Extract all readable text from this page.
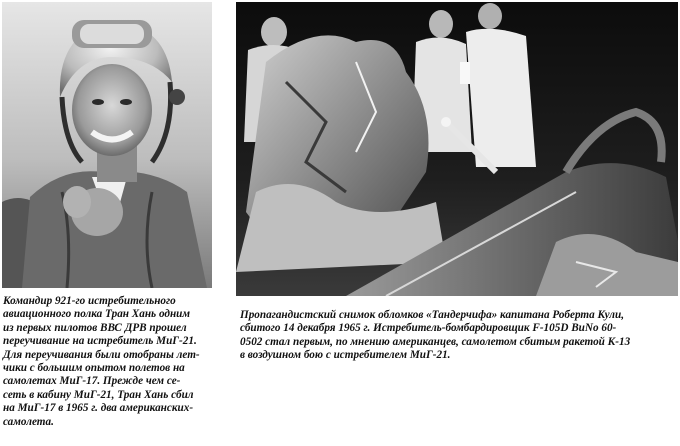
Командир 921-го истребительного
авиационного полка Тран Хань одним
из первых пилотов ВВС ДРВ прошел
переучивание на истребитель МиГ-21.
Для переучивания были отобраны лет-
чики с большим опытом полетов на
самолетах МиГ-17. Прежде чем се-
сеть в кабину МиГ-21, Тран Хань сбил
на МиГ-17 в 1965 г. два американских-
самолета.

Пропагандистский снимок обломков «Тандерчифа» капитана Роберта Кули,
сбитого 14 декабря 1965 г. Истребитель-бомбардировщик F-105D BuNo 60-
0502 стал первым, по мнению американцев, самолетом сбитым ракетой К-13
в воздушном бою с истребителем МиГ-21.
